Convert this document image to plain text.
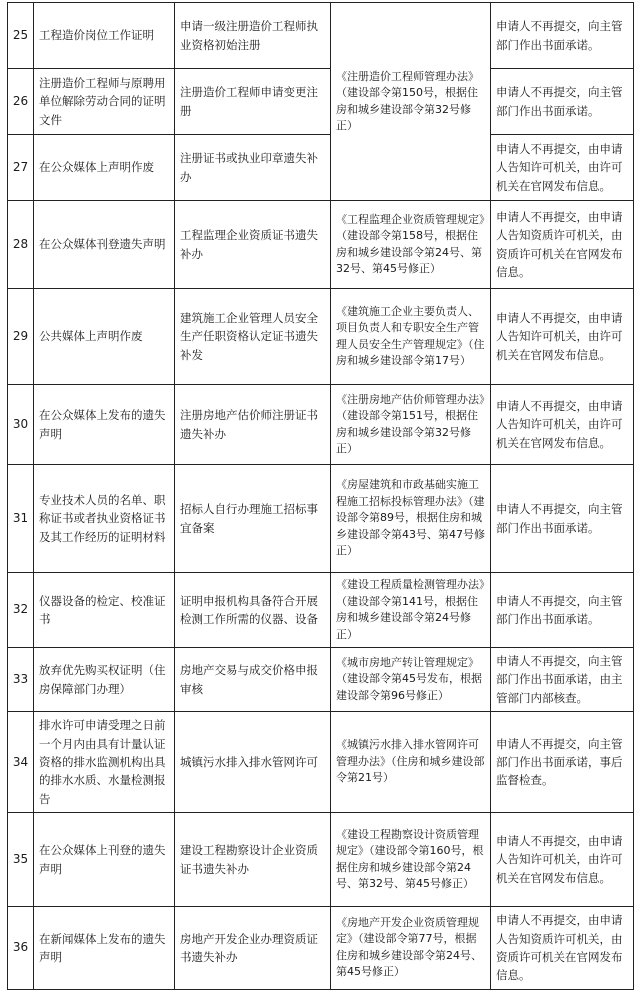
25	工程造价岗位工作证明	申请一级注册造价工程师执业资格初始注册	《注册造价工程师管理办法》（建设部令第150号，根据住房和城乡建设部令第32号修正）	申请人不再提交，向主管部门作出书面承诺。
26	注册造价工程师与原聘用单位解除劳动合同的证明文件	注册造价工程师申请变更注册		申请人不再提交，向主管部门作出书面承诺。
27	在公众媒体上声明作废	注册证书或执业印章遗失补办		申请人不再提交，由申请人告知许可机关，由许可机关在官网发布信息。
28	在公众媒体刊登遗失声明	工程监理企业资质证书遗失补办	《工程监理企业资质管理规定》（建设部令第158号，根据住房和城乡建设部令第24号、第32号、第45号修正）	申请人不再提交，由申请人告知资质许可机关，由资质许可机关在官网发布信息。
29	公共媒体上声明作废	建筑施工企业管理人员安全生产任职资格认定证书遗失补发	《建筑施工企业主要负责人、项目负责人和专职安全生产管理人员安全生产管理规定》（住房和城乡建设部令第17号）	申请人不再提交，由申请人告知许可机关，由许可机关在官网发布信息。
30	在公众媒体上发布的遗失声明	注册房地产估价师注册证书遗失补办	《注册房地产估价师管理办法》（建设部令第151号，根据住房和城乡建设部令第32号修正）	申请人不再提交，由申请人告知许可机关，由许可机关在官网发布信息。
31	专业技术人员的名单、职称证书或者执业资格证书及其工作经历的证明材料	招标人自行办理施工招标事宜备案	《房屋建筑和市政基础实施工程施工招标投标管理办法》（建设部令第89号，根据住房和城乡建设部令第43号、第47号修正）	申请人不再提交，向主管部门作出书面承诺。
32	仪器设备的检定、校准证书	证明申报机构具备符合开展检测工作所需的仪器、设备	《建设工程质量检测管理办法》（建设部令第141号，根据住房和城乡建设部令第24号修正）	申请人不再提交，向主管部门作出书面承诺。
33	放弃优先购买权证明（住房保障部门办理）	房地产交易与成交价格申报审核	《城市房地产转让管理规定》（建设部令第45号发布，根据建设部令第96号修正）	申请人不再提交，向主管部门作出书面承诺，由主管部门内部核查。
34	排水许可申请受理之日前一个月内由具有计量认证资格的排水监测机构出具的排水水质、水量检测报告	城镇污水排入排水管网许可	《城镇污水排入排水管网许可管理办法》（住房和城乡建设部令第21号）	申请人不再提交，向主管部门作出书面承诺，事后监督检查。
35	在公众媒体上刊登的遗失声明	建设工程勘察设计企业资质证书遗失补办	《建设工程勘察设计资质管理规定》（建设部令第160号，根据住房和城乡建设部令第24号、第32号、第45号修正）	申请人不再提交，由申请人告知许可机关，由许可机关在官网发布信息。
36	在新闻媒体上发布的遗失声明	房地产开发企业办理资质证书遗失补办	《房地产开发企业资质管理规定》（建设部令第77号，根据住房和城乡建设部令第24号、第45号修正）	申请人不再提交，由申请人告知资质许可机关，由资质许可机关在官网发布信息。
